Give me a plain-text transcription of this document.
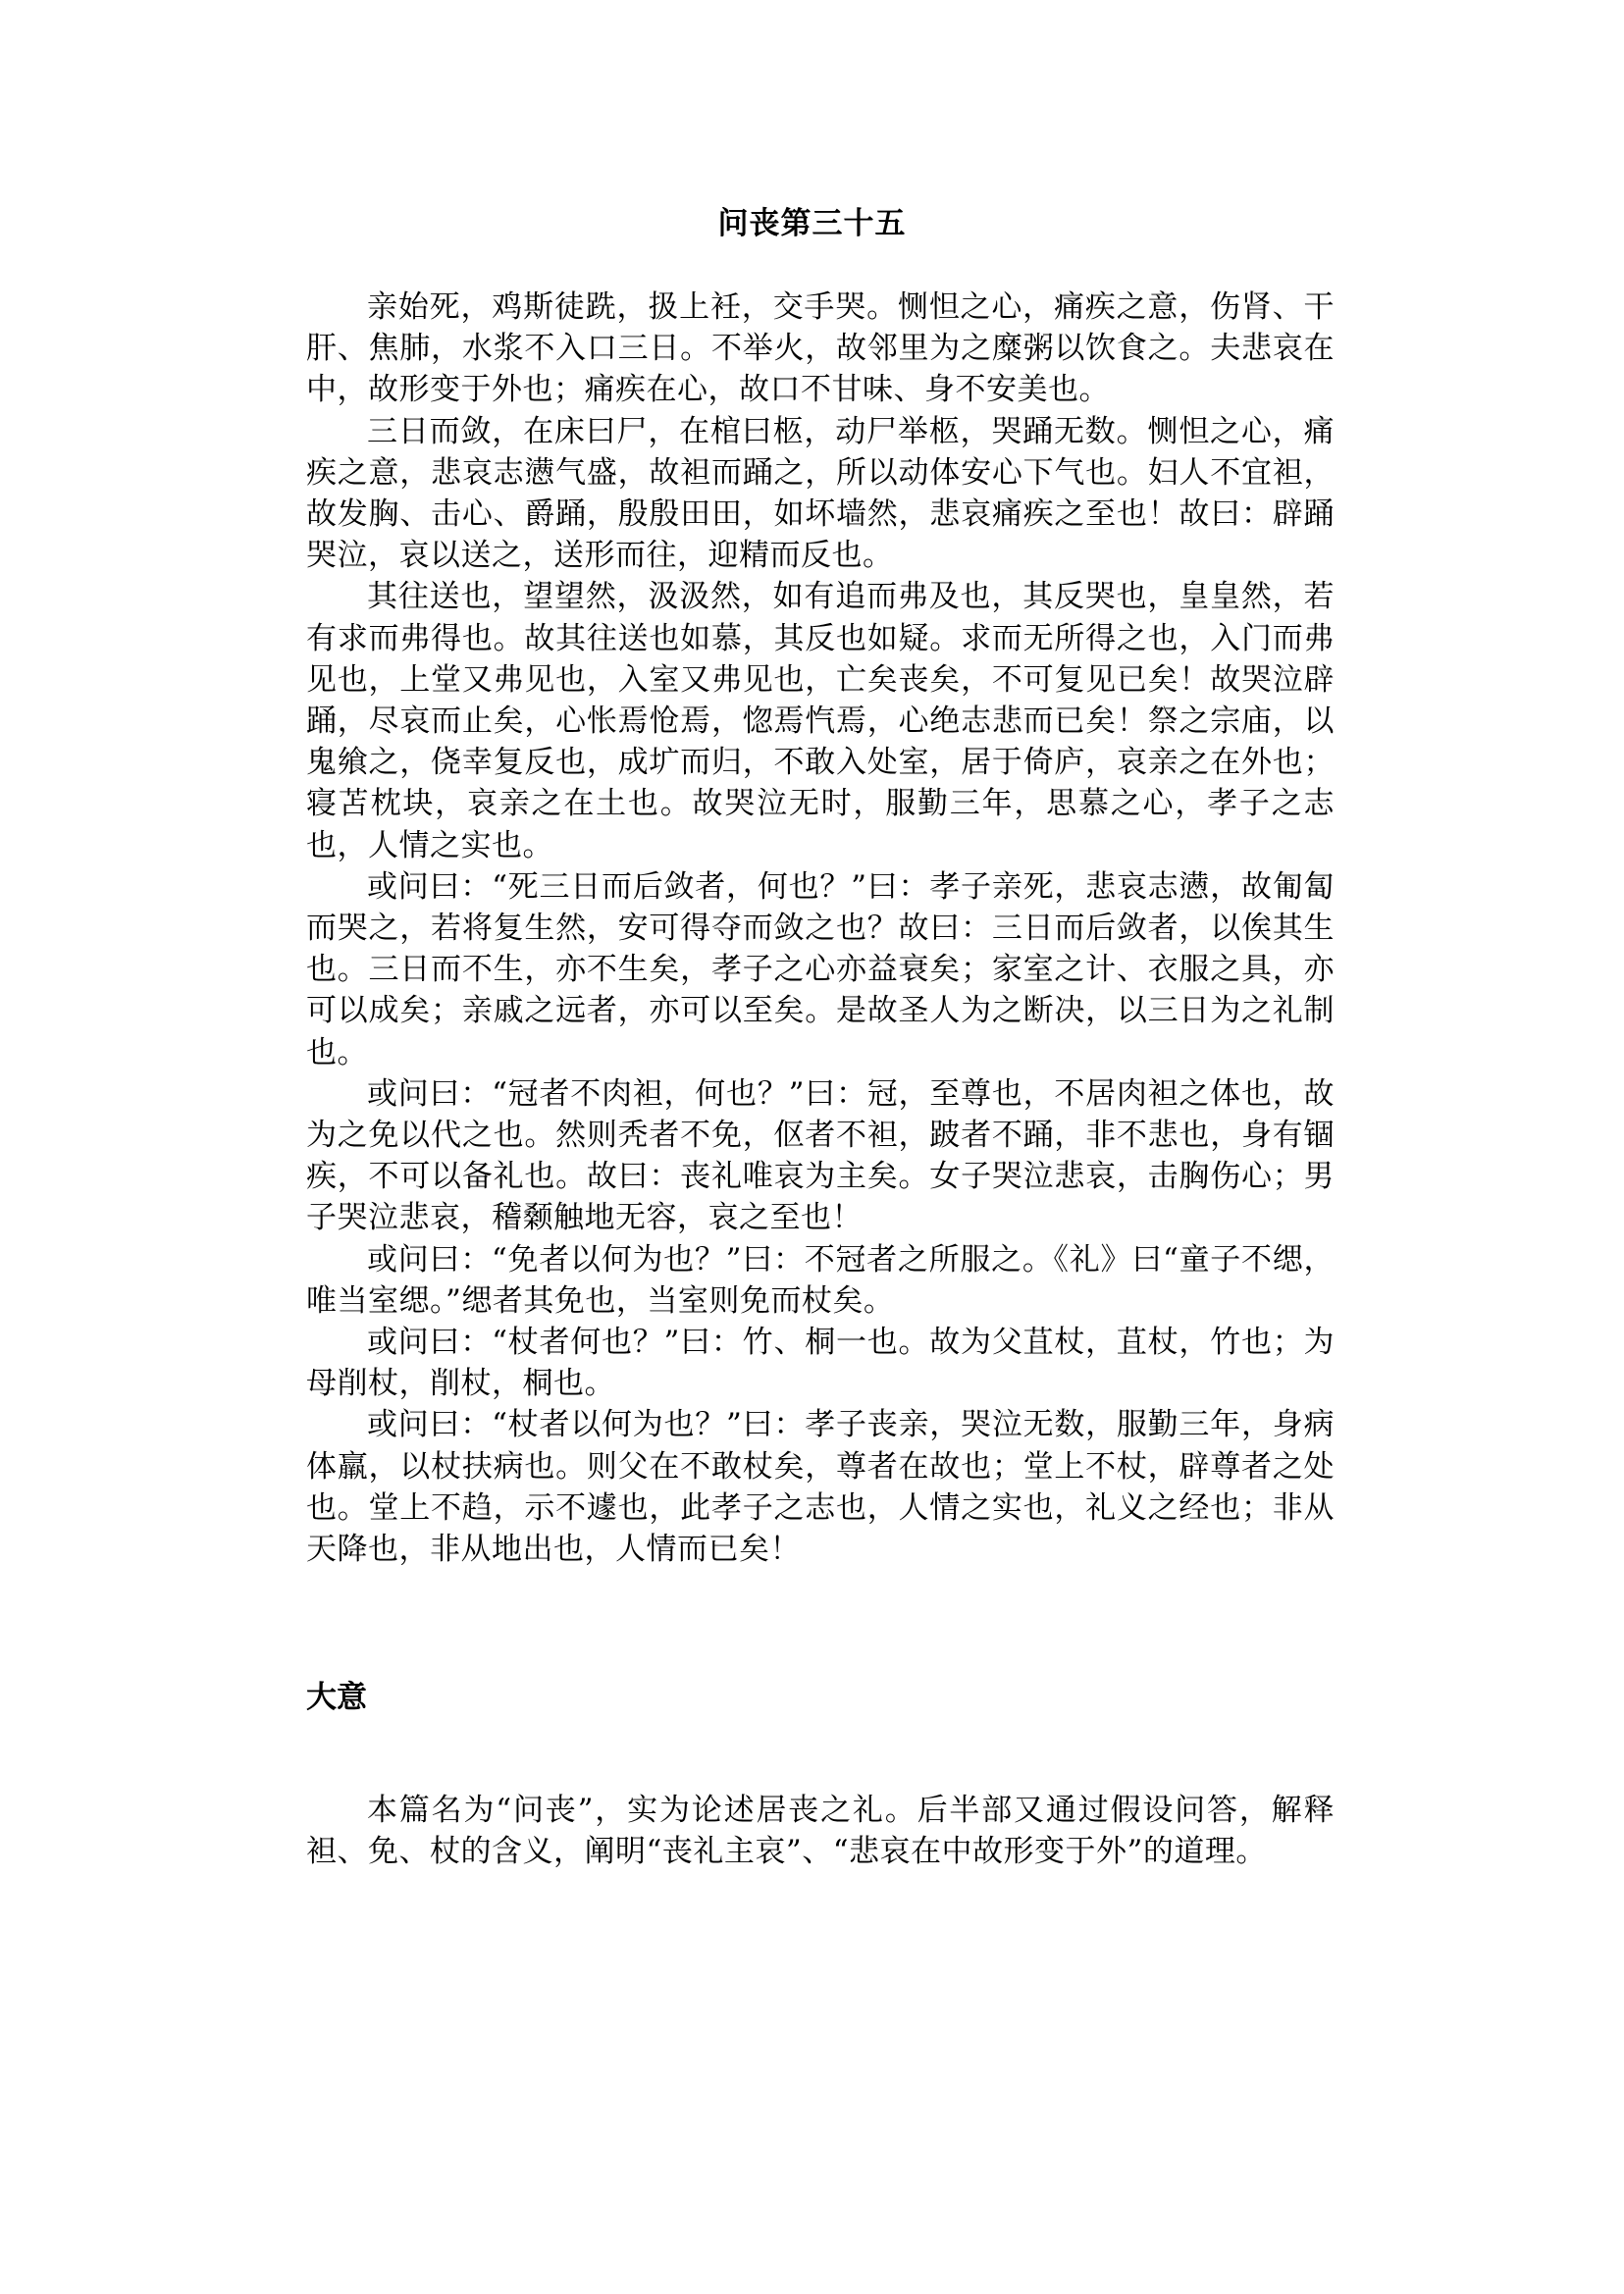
问丧第三十五

亲始死，鸡斯徒跣，扱上衽，交手哭。恻怛之心，痛疾之意，伤肾、干肝、焦肺，水浆不入口三日。不举火，故邻里为之糜粥以饮食之。夫悲哀在中，故形变于外也；痛疾在心，故口不甘味、身不安美也。

三日而敛，在床曰尸，在棺曰柩，动尸举柩，哭踊无数。恻怛之心，痛疾之意，悲哀志懑气盛，故袒而踊之，所以动体安心下气也。妇人不宜袒，故发胸、击心、爵踊，殷殷田田，如坏墙然，悲哀痛疾之至也！故曰：辟踊哭泣，哀以送之，送形而往，迎精而反也。

其往送也，望望然，汲汲然，如有追而弗及也，其反哭也，皇皇然，若有求而弗得也。故其往送也如慕，其反也如疑。求而无所得之也，入门而弗见也，上堂又弗见也，入室又弗见也，亡矣丧矣，不可复见已矣！故哭泣辟踊，尽哀而止矣，心怅焉怆焉，惚焉忾焉，心绝志悲而已矣！祭之宗庙，以鬼飨之，侥幸复反也，成圹而归，不敢入处室，居于倚庐，哀亲之在外也；寝苫枕块，哀亲之在土也。故哭泣无时，服勤三年，思慕之心，孝子之志也，人情之实也。

或问曰：“死三日而后敛者，何也？”曰：孝子亲死，悲哀志懑，故匍匐而哭之，若将复生然，安可得夺而敛之也？故曰：三日而后敛者，以俟其生也。三日而不生，亦不生矣，孝子之心亦益衰矣；家室之计、衣服之具，亦可以成矣；亲戚之远者，亦可以至矣。是故圣人为之断决，以三日为之礼制也。

或问曰：“冠者不肉袒，何也？”曰：冠，至尊也，不居肉袒之体也，故为之免以代之也。然则秃者不免，伛者不袒，跛者不踊，非不悲也，身有锢疾，不可以备礼也。故曰：丧礼唯哀为主矣。女子哭泣悲哀，击胸伤心；男子哭泣悲哀，稽颡触地无容，哀之至也！

或问曰：“免者以何为也？”曰：不冠者之所服之。《礼》曰“童子不缌，唯当室缌。”缌者其免也，当室则免而杖矣。

或问曰：“杖者何也？”曰：竹、桐一也。故为父苴杖，苴杖，竹也；为母削杖，削杖，桐也。

或问曰：“杖者以何为也？”曰：孝子丧亲，哭泣无数，服勤三年，身病体羸，以杖扶病也。则父在不敢杖矣，尊者在故也；堂上不杖，辟尊者之处也。堂上不趋，示不遽也，此孝子之志也，人情之实也，礼义之经也；非从天降也，非从地出也，人情而已矣！

大意

本篇名为“问丧”，实为论述居丧之礼。后半部又通过假设问答，解释袒、免、杖的含义，阐明“丧礼主哀”、“悲哀在中故形变于外”的道理。
